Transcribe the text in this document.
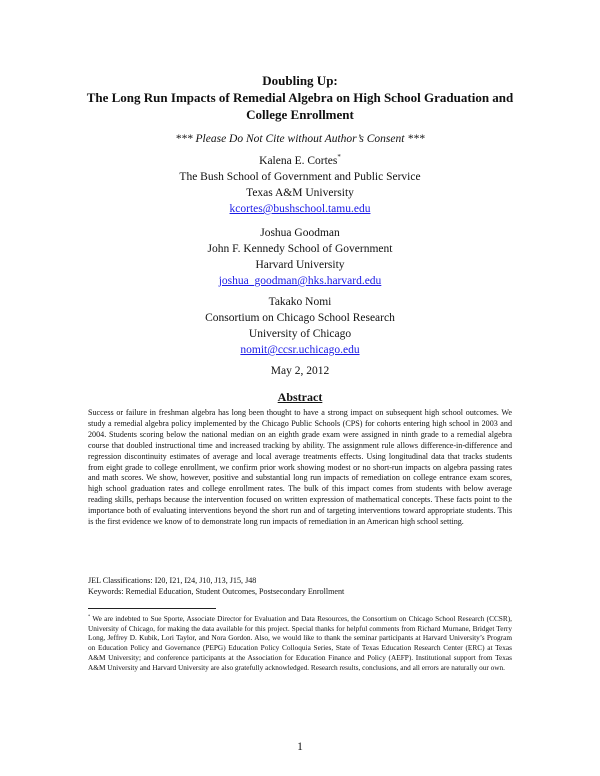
Doubling Up:
The Long Run Impacts of Remedial Algebra on High School Graduation and
College Enrollment
*** Please Do Not Cite without Author’s Consent ***
Kalena E. Cortes*
The Bush School of Government and Public Service
Texas A&M University
kcortes@bushschool.tamu.edu
Joshua Goodman
John F. Kennedy School of Government
Harvard University
joshua_goodman@hks.harvard.edu
Takako Nomi
Consortium on Chicago School Research
University of Chicago
nomit@ccsr.uchicago.edu
May 2, 2012
Abstract
Success or failure in freshman algebra has long been thought to have a strong impact on subsequent high school outcomes. We study a remedial algebra policy implemented by the Chicago Public Schools (CPS) for cohorts entering high school in 2003 and 2004. Students scoring below the national median on an eighth grade exam were assigned in ninth grade to a remedial algebra course that doubled instructional time and increased tracking by ability. The assignment rule allows difference-in-difference and regression discontinuity estimates of average and local average treatments effects. Using longitudinal data that tracks students from eight grade to college enrollment, we confirm prior work showing modest or no short-run impacts on algebra passing rates and math scores. We show, however, positive and substantial long run impacts of remediation on college entrance exam scores, high school graduation rates and college enrollment rates. The bulk of this impact comes from students with below average reading skills, perhaps because the intervention focused on written expression of mathematical concepts. These facts point to the importance both of evaluating interventions beyond the short run and of targeting interventions toward appropriate students. This is the first evidence we know of to demonstrate long run impacts of remediation in an American high school setting.
JEL Classifications: I20, I21, I24, J10, J13, J15, J48
Keywords: Remedial Education, Student Outcomes, Postsecondary Enrollment
* We are indebted to Sue Sporte, Associate Director for Evaluation and Data Resources, the Consortium on Chicago School Research (CCSR), University of Chicago, for making the data available for this project. Special thanks for helpful comments from Richard Murnane, Bridget Terry Long, Jeffrey D. Kubik, Lori Taylor, and Nora Gordon. Also, we would like to thank the seminar participants at Harvard University’s Program on Education Policy and Governance (PEPG) Education Policy Colloquia Series, State of Texas Education Research Center (ERC) at Texas A&M University; and conference participants at the Association for Education Finance and Policy (AEFP). Institutional support from Texas A&M University and Harvard University are also gratefully acknowledged. Research results, conclusions, and all errors are naturally our own.
1
